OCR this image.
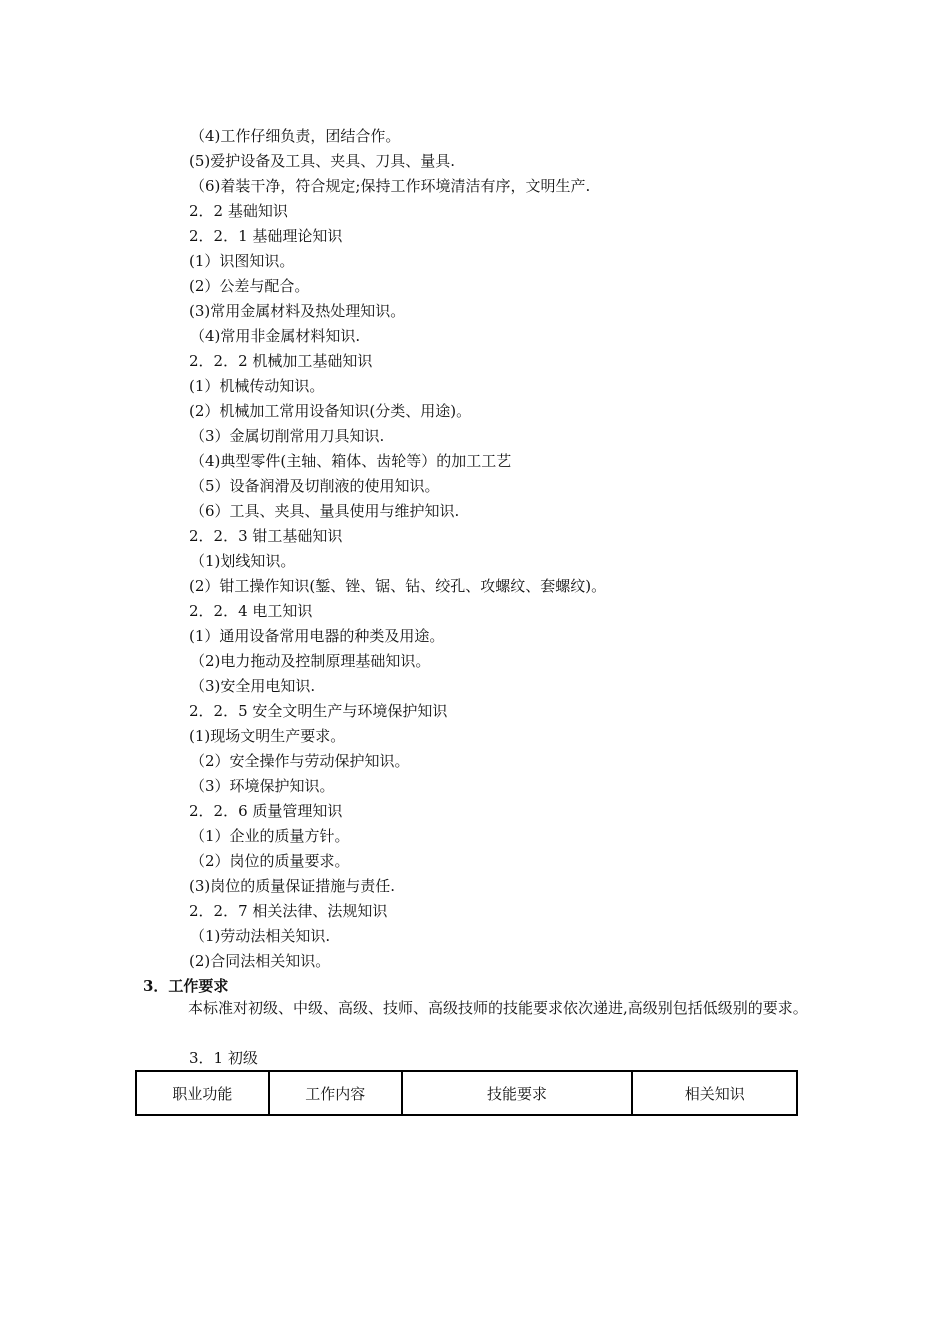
（4)工作仔细负责，团结合作。
(5)爱护设备及工具、夹具、刀具、量具.
（6)着装干净，符合规定;保持工作环境清洁有序，文明生产.
2．2 基础知识
2．2．1 基础理论知识
(1）识图知识。
(2）公差与配合。
(3)常用金属材料及热处理知识。
（4)常用非金属材料知识.
2．2．2 机械加工基础知识
(1）机械传动知识。
(2）机械加工常用设备知识(分类、用途)。
（3）金属切削常用刀具知识.
（4)典型零件(主轴、箱体、齿轮等）的加工工艺
（5）设备润滑及切削液的使用知识。
（6）工具、夹具、量具使用与维护知识.
2．2．3 钳工基础知识
（1)划线知识。
(2）钳工操作知识(錾、锉、锯、钻、绞孔、攻螺纹、套螺纹)。
2．2．4 电工知识
(1）通用设备常用电器的种类及用途。
（2)电力拖动及控制原理基础知识。
（3)安全用电知识.
2．2．5 安全文明生产与环境保护知识
(1)现场文明生产要求。
（2）安全操作与劳动保护知识。
（3）环境保护知识。
2．2．6 质量管理知识
（1）企业的质量方针。
（2）岗位的质量要求。
(3)岗位的质量保证措施与责任.
2．2．7 相关法律、法规知识
（1)劳动法相关知识.
(2)合同法相关知识。
3．工作要求
本标准对初级、中级、高级、技师、高级技师的技能要求依次递进,高级别包括低级别的要求。
3．1 初级
职业功能	工作内容	技能要求	相关知识
